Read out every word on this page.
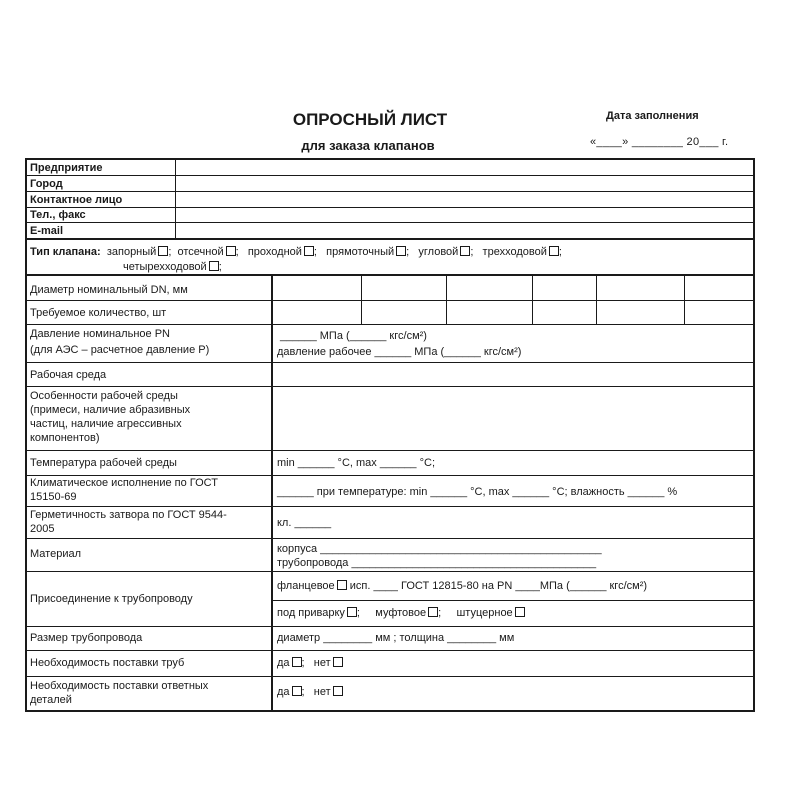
ОПРОСНЫЙ ЛИСТ
для заказа клапанов
Дата заполнения
«____» ________ 20___ г.
Предприятие
Город
Контактное лицо
Тел., факс
E-mail
Тип клапана: запорный ;  отсечной ;   проходной ;   прямоточный ;   угловой ;   трехходовой ;
четырехходовой ;
Диаметр номинальный DN, мм
Требуемое количество, шт
Давление номинальное PN
(для АЭС – расчетное давление Р)
Рабочая среда
Особенности рабочей среды
(примеси, наличие абразивных
частиц, наличие агрессивных
компонентов)
Температура рабочей среды
Климатическое исполнение по ГОСТ
15150-69
Герметичность затвора по ГОСТ 9544-
2005
Материал
Присоединение к трубопроводу
Размер трубопровода
Необходимость поставки труб
Необходимость поставки ответных
деталей
______ МПа (______ кгс/см²)
давление рабочее ______ МПа (______ кгс/см²)
min ______ °C, max ______ °C;
______ при температуре: min ______ °C, max ______ °C; влажность ______ %
кл. ______
корпуса ______________________________________________
трубопровода ________________________________________
фланцевое исп. ____ ГОСТ 12815-80 на PN ____МПа (______ кгс/см²)
под приварку ;     муфтовое ;     штуцерное
диаметр ________ мм ; толщина ________ мм
да ;   нет
да ;   нет
